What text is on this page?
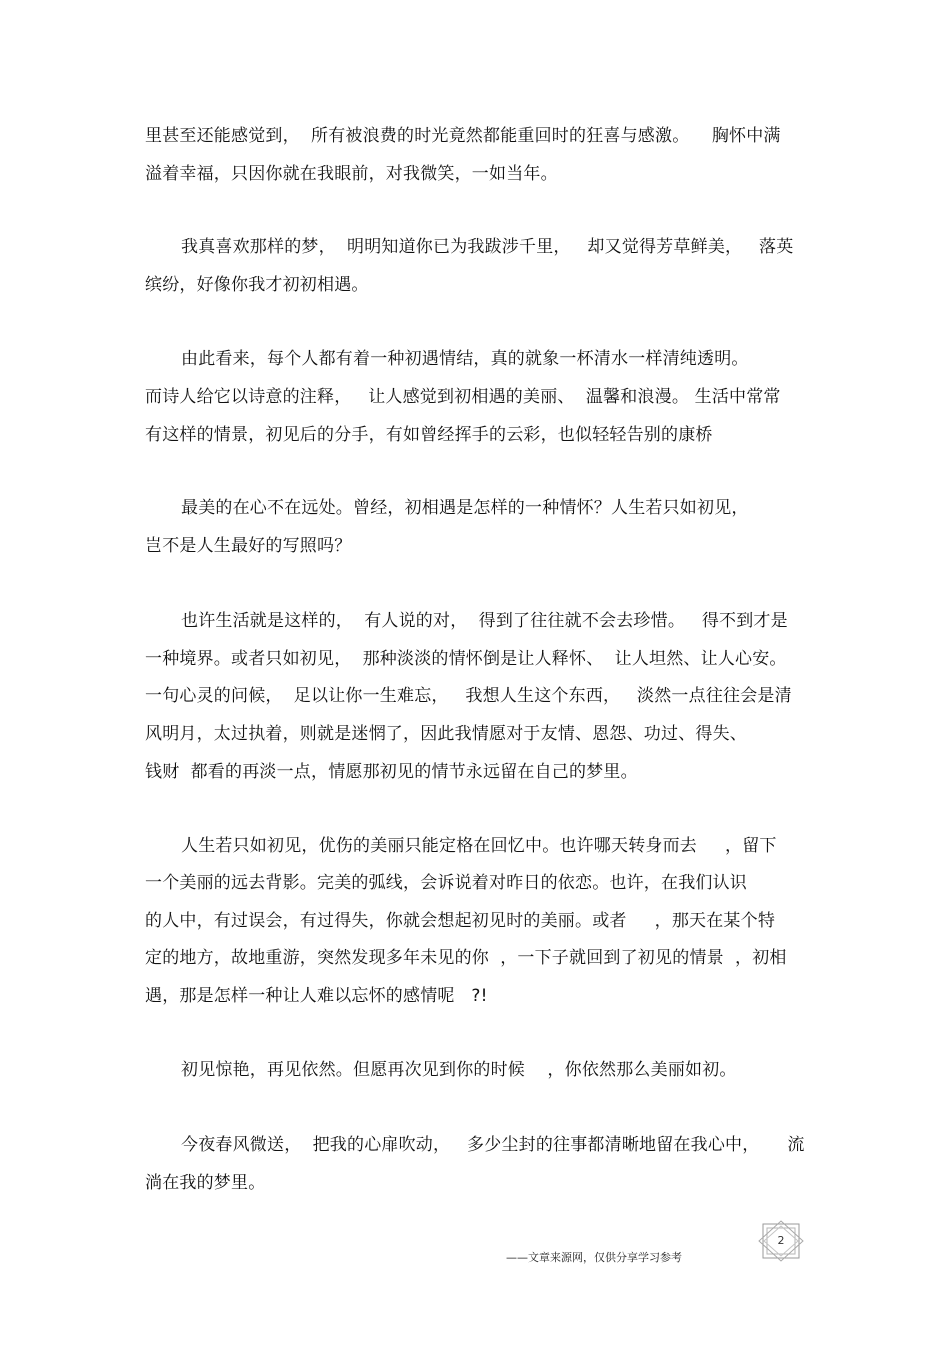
里甚至还能感觉到，  所有被浪费的时光竟然都能重回时的狂喜与感激。    胸怀中满
溢着幸福，只因你就在我眼前，对我微笑，一如当年。
我真喜欢那样的梦，  明明知道你已为我跋涉千里，   却又觉得芳草鲜美，   落英
缤纷，好像你我才初初相遇。
由此看来，每个人都有着一种初遇情结，真的就象一杯清水一样清纯透明。
而诗人给它以诗意的注释，   让人感觉到初相遇的美丽、  温馨和浪漫。 生活中常常
有这样的情景，初见后的分手，有如曾经挥手的云彩，也似轻轻告别的康桥
最美的在心不在远处。曾经，初相遇是怎样的一种情怀？人生若只如初见，
岂不是人生最好的写照吗？
也许生活就是这样的，  有人说的对，  得到了往往就不会去珍惜。   得不到才是
一种境界。或者只如初见，  那种淡淡的情怀倒是让人释怀、  让人坦然、让人心安。
一句心灵的问候，  足以让你一生难忘，   我想人生这个东西，   淡然一点往往会是清
风明月，太过执着，则就是迷惘了，因此我情愿对于友情、恩怨、功过、得失、
钱财  都看的再淡一点，情愿那初见的情节永远留在自己的梦里。
人生若只如初见，优伤的美丽只能定格在回忆中。也许哪天转身而去     ，留下
一个美丽的远去背影。完美的弧线，会诉说着对昨日的依恋。也许，在我们认识
的人中，有过误会，有过得失，你就会想起初见时的美丽。或者     ，那天在某个特
定的地方，故地重游，突然发现多年未见的你  ，一下子就回到了初见的情景  ，初相
遇，那是怎样一种让人难以忘怀的感情呢   ?!
初见惊艳，再见依然。但愿再次见到你的时候    ，你依然那么美丽如初。
今夜春风微送，  把我的心扉吹动，   多少尘封的往事都清晰地留在我心中，     流
淌在我的梦里。
——文章来源网，仅供分享学习参考
2
